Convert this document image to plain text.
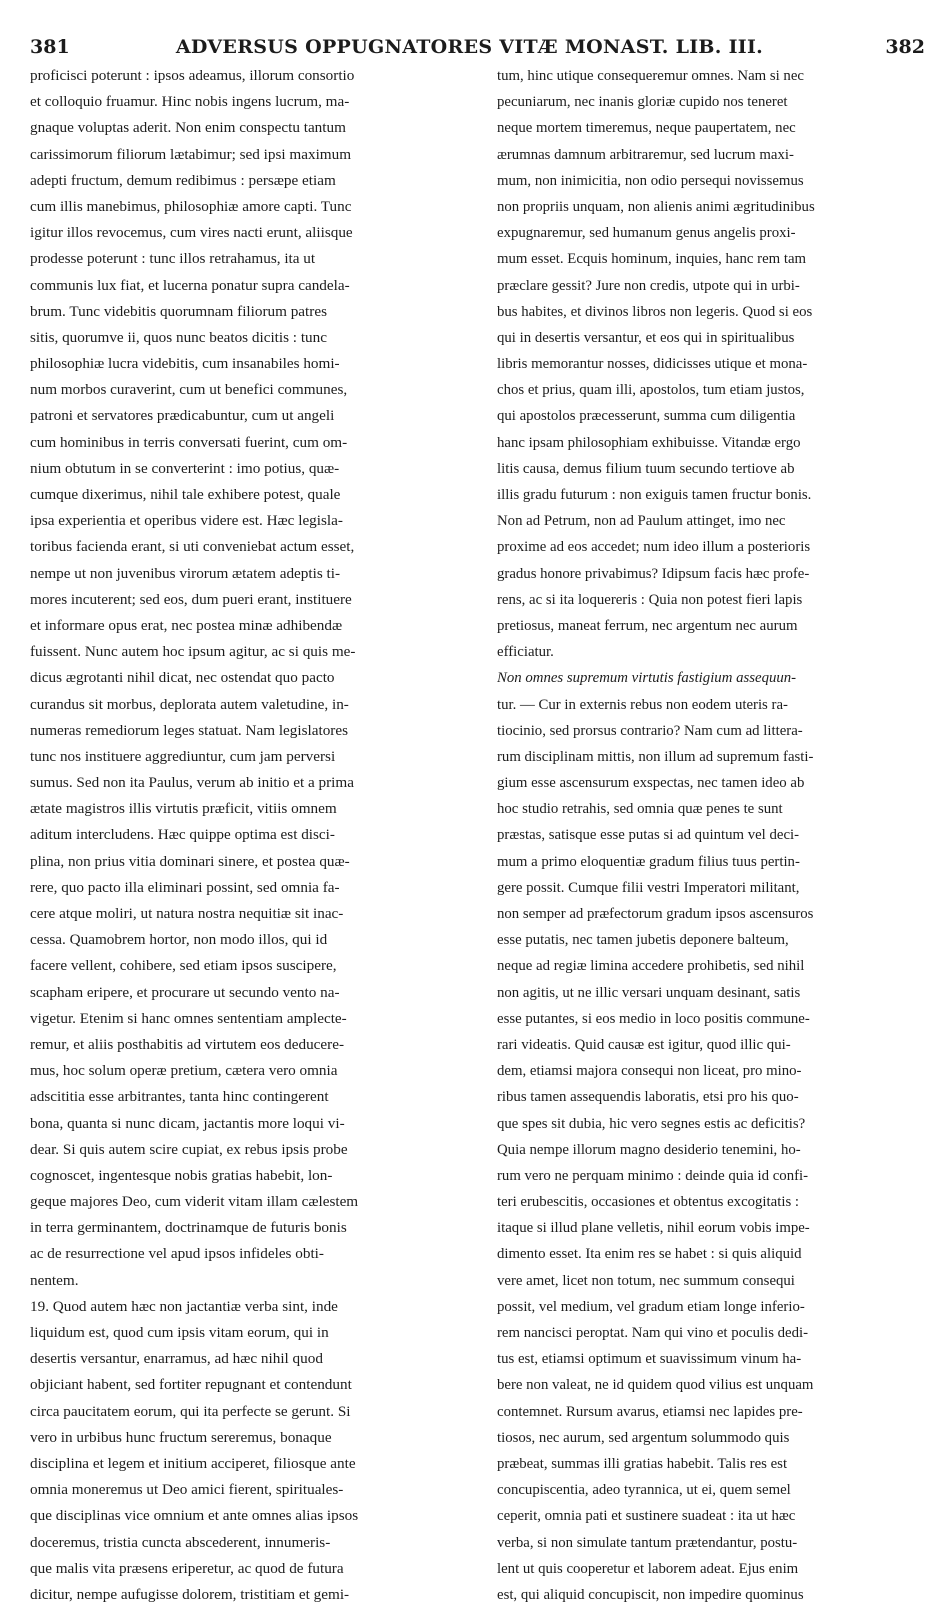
381	ADVERSUS OPPUGNATORES VITÆ MONAST. LIB. III.	382
proficisci poterunt : ipsos adeamus, illorum consortio
et colloquio fruamur. Hinc nobis ingens lucrum, ma-
gnaque voluptas aderit. Non enim conspectu tantum
carissimorum filiorum lætabimur; sed ipsi maximum
adepti fructum, demum redibimus : persæpe etiam
cum illis manebimus, philosophiæ amore capti. Tunc
igitur illos revocemus, cum vires nacti erunt, aliisque
prodesse poterunt : tunc illos retrahamus, ita ut
communis lux fiat, et lucerna ponatur supra candela-
brum. Tunc videbitis quorumnam filiorum patres
sitis, quorumve ii, quos nunc beatos dicitis : tunc
philosophiæ lucra videbitis, cum insanabiles homi-
num morbos curaverint, cum ut benefici communes,
patroni et servatores prædicabuntur, cum ut angeli
cum hominibus in terris conversati fuerint, cum om-
nium obtutum in se converterint : imo potius, quæ-
cumque dixerimus, nihil tale exhibere potest, quale
ipsa experientia et operibus videre est. Hæc legisla-
toribus facienda erant, si uti conveniebat actum esset,
nempe ut non juvenibus virorum ætatem adeptis ti-
mores incuterent; sed eos, dum pueri erant, instituere
et informare opus erat, nec postea minæ adhibendæ
fuissent. Nunc autem hoc ipsum agitur, ac si quis me-
dicus ægrotanti nihil dicat, nec ostendat quo pacto
curandus sit morbus, deplorata autem valetudine, in-
numeras remediorum leges statuat. Nam legislatores
tunc nos instituere aggrediuntur, cum jam perversi
sumus. Sed non ita Paulus, verum ab initio et a prima
ætate magistros illis virtutis præficit, vitiis omnem
aditum intercludens. Hæc quippe optima est disci-
plina, non prius vitia dominari sinere, et postea quæ-
rere, quo pacto illa eliminari possint, sed omnia fa-
cere atque moliri, ut natura nostra nequitiæ sit inac-
cessa. Quamobrem hortor, non modo illos, qui id
facere vellent, cohibere, sed etiam ipsos suscipere,
scapham eripere, et procurare ut secundo vento na-
vigetur. Etenim si hanc omnes sententiam amplecte-
remur, et aliis posthabitis ad virtutem eos deducere-
mus, hoc solum operæ pretium, cætera vero omnia
adscititia esse arbitrantes, tanta hinc contingerent
bona, quanta si nunc dicam, jactantis more loqui vi-
dear. Si quis autem scire cupiat, ex rebus ipsis probe
cognoscet, ingentesque nobis gratias habebit, lon-
geque majores Deo, cum viderit vitam illam cælestem
in terra germinantem, doctrinamque de futuris bonis
ac de resurrectione vel apud ipsos infideles obti-
nentem.
19. Quod autem hæc non jactantiæ verba sint, inde
liquidum est, quod cum ipsis vitam eorum, qui in
desertis versantur, enarramus, ad hæc nihil quod
objiciant habent, sed fortiter repugnant et contendunt
circa paucitatem eorum, qui ita perfecte se gerunt. Si
vero in urbibus hunc fructum sereremus, bonaque
disciplina et legem et initium acciperet, filiosque ante
omnia moneremus ut Deo amici fierent, spirituales-
que disciplinas vice omnium et ante omnes alias ipsos
doceremus, tristia cuncta abscederent, innumeris-
que malis vita præsens eriperetur, ac quod de futura
dicitur, nempe aufugisse dolorem, tristitiam et gemi-
tum, hinc utique consequeremur omnes. Nam si nec
pecuniarum, nec inanis gloriæ cupido nos teneret
neque mortem timeremus, neque paupertatem, nec
ærumnas damnum arbitraremur, sed lucrum maxi-
mum, non inimicitia, non odio persequi novissemus
non propriis unquam, non alienis animi ægritudinibus
expugnaremur, sed humanum genus angelis proxi-
mum esset. Ecquis hominum, inquies, hanc rem tam
præclare gessit? Jure non credis, utpote qui in urbi-
bus habites, et divinos libros non legeris. Quod si eos
qui in desertis versantur, et eos qui in spiritualibus
libris memorantur nosses, didicisses utique et mona-
chos et prius, quam illi, apostolos, tum etiam justos,
qui apostolos præcesserunt, summa cum diligentia
hanc ipsam philosophiam exhibuisse. Vitandæ ergo
litis causa, demus filium tuum secundo tertiove ab
illis gradu futurum : non exiguis tamen fructur bonis.
Non ad Petrum, non ad Paulum attinget, imo nec
proxime ad eos accedet; num ideo illum a posterioris
gradus honore privabimus? Idipsum facis hæc profe-
rens, ac si ita loquereris : Quia non potest fieri lapis
pretiosus, maneat ferrum, nec argentum nec aurum
efficiatur.
Non omnes supremum virtutis fastigium assequun-
tur. — Cur in externis rebus non eodem uteris ra-
tiocinio, sed prorsus contrario? Nam cum ad littera-
rum disciplinam mittis, non illum ad supremum fasti-
gium esse ascensurum exspectas, nec tamen ideo ab
hoc studio retrahis, sed omnia quæ penes te sunt
præstas, satisque esse putas si ad quintum vel deci-
mum a primo eloquentiæ gradum filius tuus pertin-
gere possit. Cumque filii vestri Imperatori militant,
non semper ad præfectorum gradum ipsos ascensuros
esse putatis, nec tamen jubetis deponere balteum,
neque ad regiæ limina accedere prohibetis, sed nihil
non agitis, ut ne illic versari unquam desinant, satis
esse putantes, si eos medio in loco positis commune-
rari videatis. Quid causæ est igitur, quod illic qui-
dem, etiamsi majora consequi non liceat, pro mino-
ribus tamen assequendis laboratis, etsi pro his quo-
que spes sit dubia, hic vero segnes estis ac deficitis?
Quia nempe illorum magno desiderio tenemini, ho-
rum vero ne perquam minimo : deinde quia id confi-
teri erubescitis, occasiones et obtentus excogitatis :
itaque si illud plane velletis, nihil eorum vobis impe-
dimento esset. Ita enim res se habet : si quis aliquid
vere amet, licet non totum, nec summum consequi
possit, vel medium, vel gradum etiam longe inferio-
rem nancisci peroptat. Nam qui vino et poculis dedi-
tus est, etiamsi optimum et suavissimum vinum ha-
bere non valeat, ne id quidem quod vilius est unquam
contemnet. Rursum avarus, etiamsi nec lapides pre-
tiosos, nec aurum, sed argentum solummodo quis
præbeat, summas illi gratias habebit. Talis res est
concupiscentia, adeo tyrannica, ut ei, quem semel
ceperit, omnia pati et sustinere suadeat : ita ut hæc
verba, si non simulate tantum prætendantur, postu-
lent ut quis cooperetur et laborem adeat. Ejus enim
est, qui aliquid concupiscit, non impedire quominus
